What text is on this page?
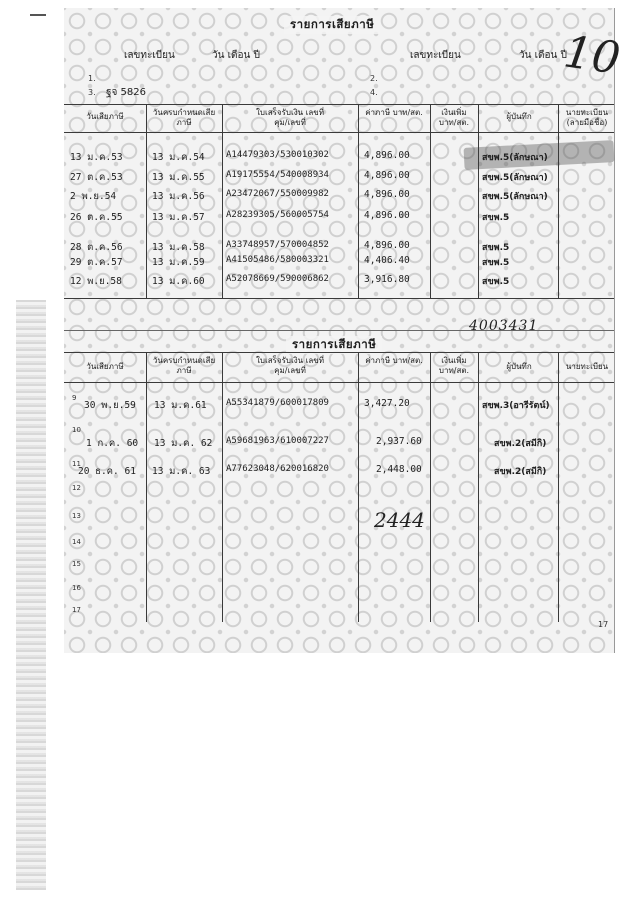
รายการเสียภาษี
เลขทะเบียน	วัน เดือน ปี	เลขทะเบียน	วัน เดือน ปี
10
1.	2.
3. ฐจ 5826	4.
วันเสียภาษี	วันครบกำหนดเสียภาษี
ใบเสร็จรับเงิน เลขที่คุม/เลขที่
ค่าภาษี บาท/สต.	เงินเพิ่ม บาท/สต.
ผู้บันทึก	นายทะเบียน (ลายมือชื่อ)
13 ม.ค.53	13 ม.ค.54 A14479303/530010302	4,896.00	สขพ.5(ลักษณา)
27 ต.ค.53	13 ม.ค.55 A19175554/540008934	4,896.00	สขพ.5(ลักษณา)
2 พ.ย.54	13 ม.ค.56 A23472067/550009982	4,896.00	สขพ.5(ลักษณา)
26 ต.ค.55	13 ม.ค.57 A28239305/560005754	4,896.00	สขพ.5
28 ต.ค.56	13 ม.ค.58 A33748957/570004852	4,896.00	สขพ.5
29 ต.ค.57	13 ม.ค.59 A41505486/580003321	4,406.40	สขพ.5
12 พ.ย.58	13 ม.ค.60 A52078669/590006862	3,916.80	สขพ.5
4003431
รายการเสียภาษี
วันเสียภาษี
วันครบกำหนดเสียภาษี
ใบเสร็จรับเงิน เลขที่คุม/เลขที่
ค่าภาษี บาท/สต.	เงินเพิ่ม บาท/สต.	ผู้บันทึก	นายทะเบียน
9
30 พ.ย.59 13 ม.ค.61 A55341879/600017809	3,427.20	สขพ.3(อารีรัตน์)
10
1 ก.ค. 60 13 ม.ค. 62 A59681963/610007227	2,937.60	สขพ.2(สมีกิ)
11
20 ธ.ค. 61 13 ม.ค. 63 A77623048/620016820	2,448.00	สขพ.2(สมีกิ)
12
13
14
15
16
17
2444
17
